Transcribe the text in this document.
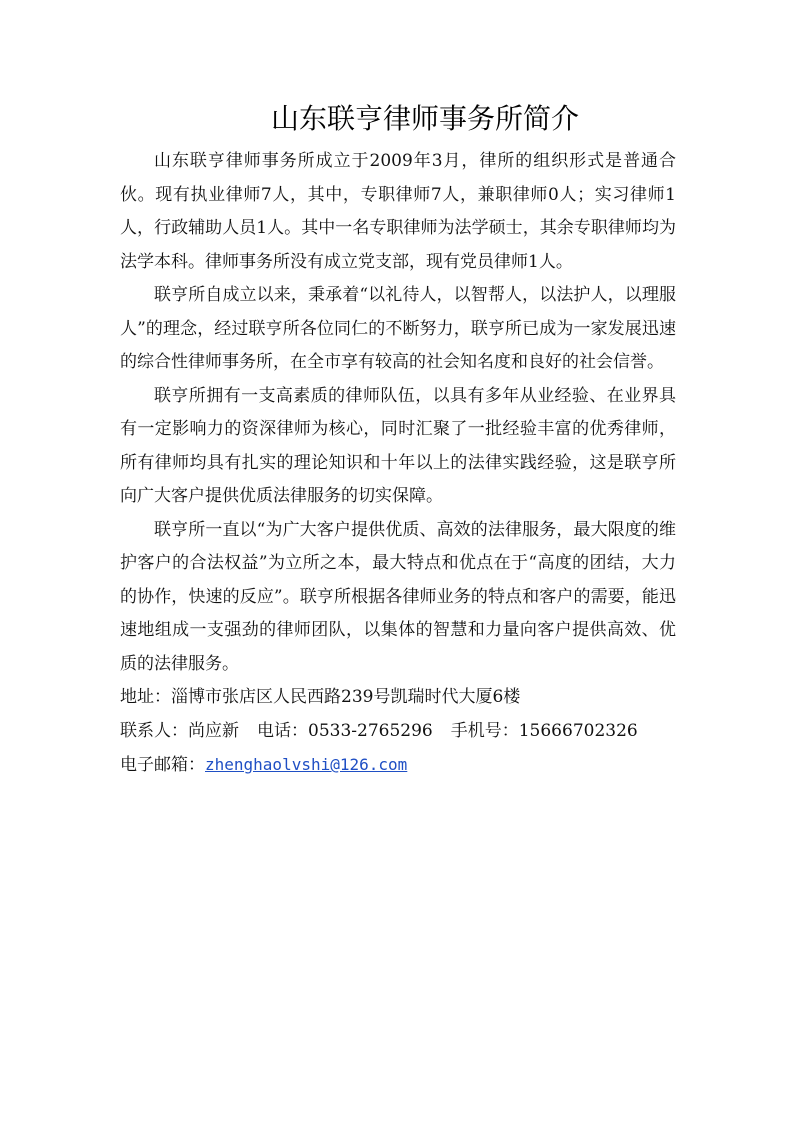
山东联亨律师事务所简介

山东联亨律师事务所成立于2009年3月，律所的组织形式是普通合伙。现有执业律师7人，其中，专职律师7人，兼职律师0人；实习律师1人，行政辅助人员1人。其中一名专职律师为法学硕士，其余专职律师均为法学本科。律师事务所没有成立党支部，现有党员律师1人。

联亨所自成立以来，秉承着“以礼待人，以智帮人，以法护人，以理服人”的理念，经过联亨所各位同仁的不断努力，联亨所已成为一家发展迅速的综合性律师事务所，在全市享有较高的社会知名度和良好的社会信誉。

联亨所拥有一支高素质的律师队伍，以具有多年从业经验、在业界具有一定影响力的资深律师为核心，同时汇聚了一批经验丰富的优秀律师，所有律师均具有扎实的理论知识和十年以上的法律实践经验，这是联亨所向广大客户提供优质法律服务的切实保障。

联亨所一直以“为广大客户提供优质、高效的法律服务，最大限度的维护客户的合法权益”为立所之本，最大特点和优点在于“高度的团结，大力的协作，快速的反应”。联亨所根据各律师业务的特点和客户的需要，能迅速地组成一支强劲的律师团队，以集体的智慧和力量向客户提供高效、优质的法律服务。

地址：淄博市张店区人民西路239号凯瑞时代大厦6楼
联系人：尚应新 电话：0533-2765296 手机号：15666702326
电子邮箱：zhenghaolvshi@126.com
